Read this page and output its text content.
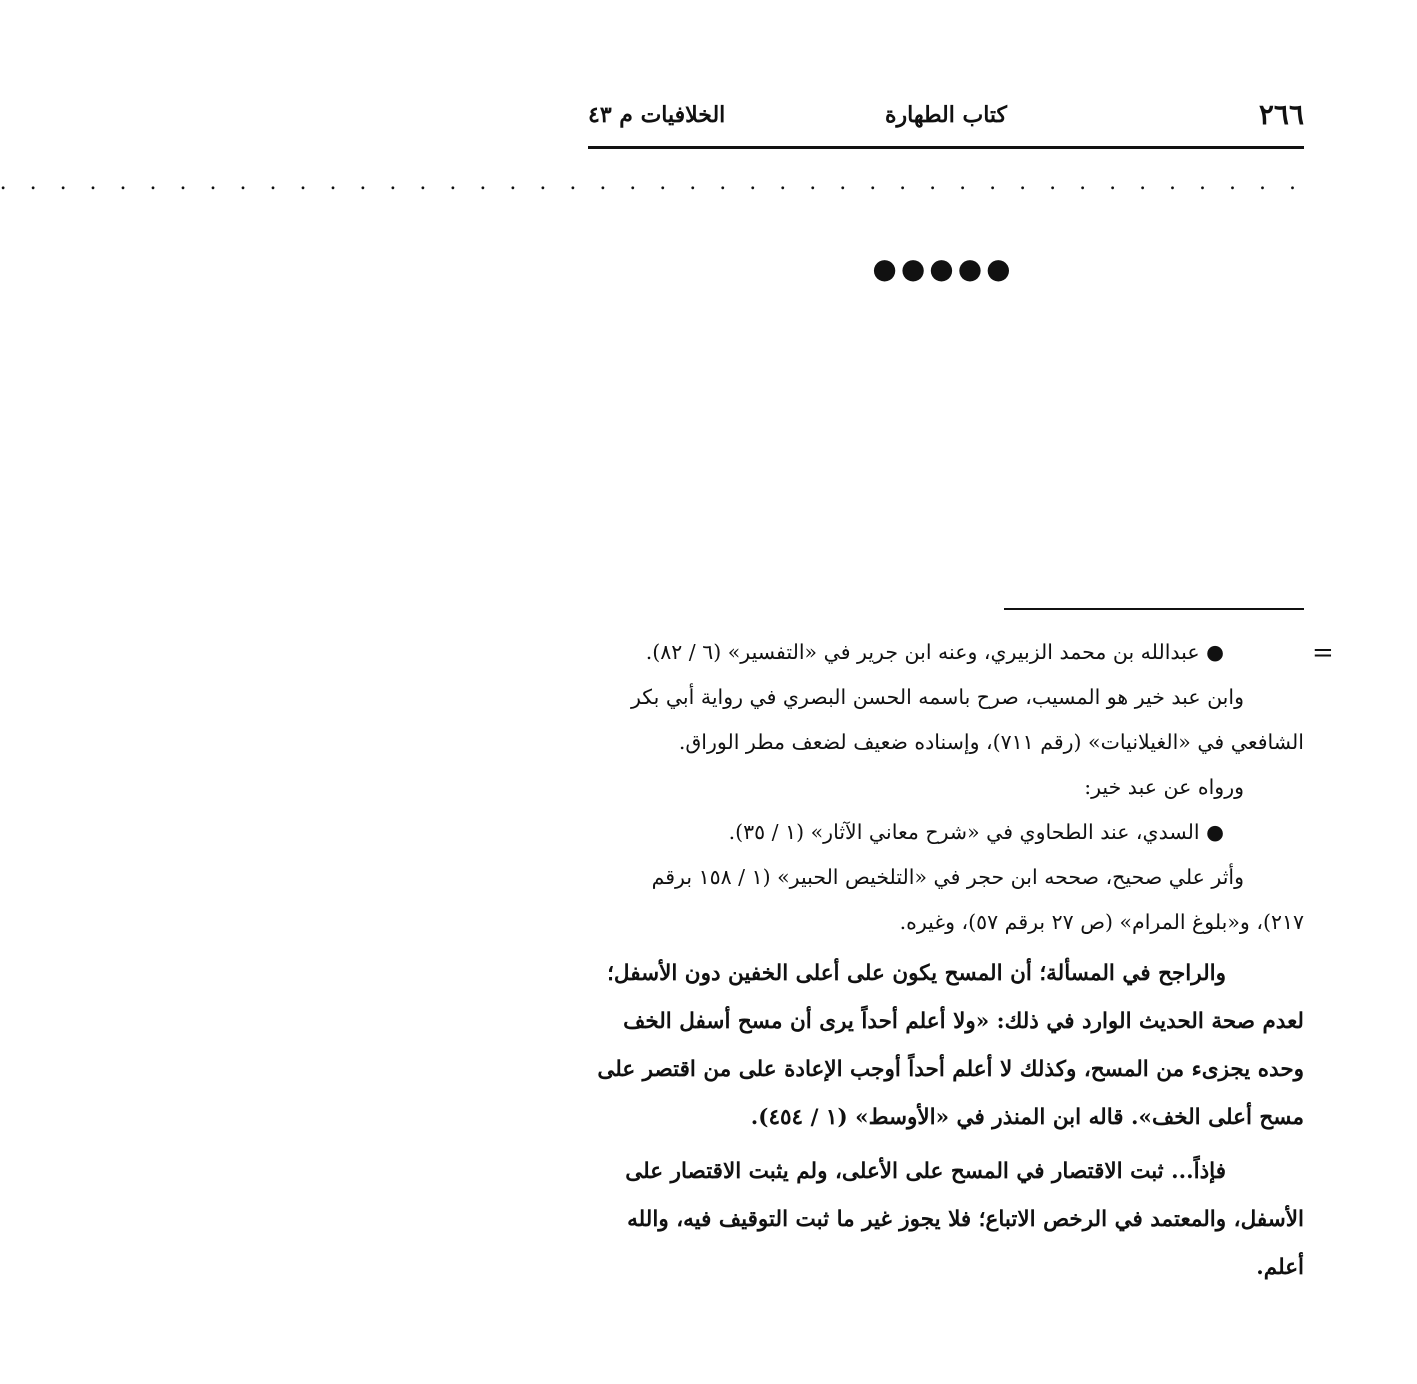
٢٦٦
كتاب الطهارة
الخلافيات م ٤٣
. . . . . . . . . . . . . . . . . . . . . . . . . . . . . . . . . . . . . . . . . . . .
●●●●●
=

● عبدالله بن محمد الزبيري، وعنه ابن جرير في «التفسير» (٦ / ٨٢).

وابن عبد خير هو المسيب، صرح باسمه الحسن البصري في رواية أبي بكر

الشافعي في «الغيلانيات» (رقم ٧١١)، وإسناده ضعيف لضعف مطر الوراق.

ورواه عن عبد خير:

● السدي، عند الطحاوي في «شرح معاني الآثار» (١ / ٣٥).

وأثر علي صحيح، صححه ابن حجر في «التلخيص الحبير» (١ / ١٥٨ برقم

٢١٧)، و«بلوغ المرام» (ص ٢٧ برقم ٥٧)، وغيره.

والراجح في المسألة؛ أن المسح يكون على أعلى الخفين دون الأسفل؛

لعدم صحة الحديث الوارد في ذلك: «ولا أعلم أحداً يرى أن مسح أسفل الخف

وحده يجزىء من المسح، وكذلك لا أعلم أحداً أوجب الإعادة على من اقتصر على

مسح أعلى الخف». قاله ابن المنذر في «الأوسط» (١ / ٤٥٤).

فإذاً... ثبت الاقتصار في المسح على الأعلى، ولم يثبت الاقتصار على

الأسفل، والمعتمد في الرخص الاتباع؛ فلا يجوز غير ما ثبت التوقيف فيه، والله

أعلم.
